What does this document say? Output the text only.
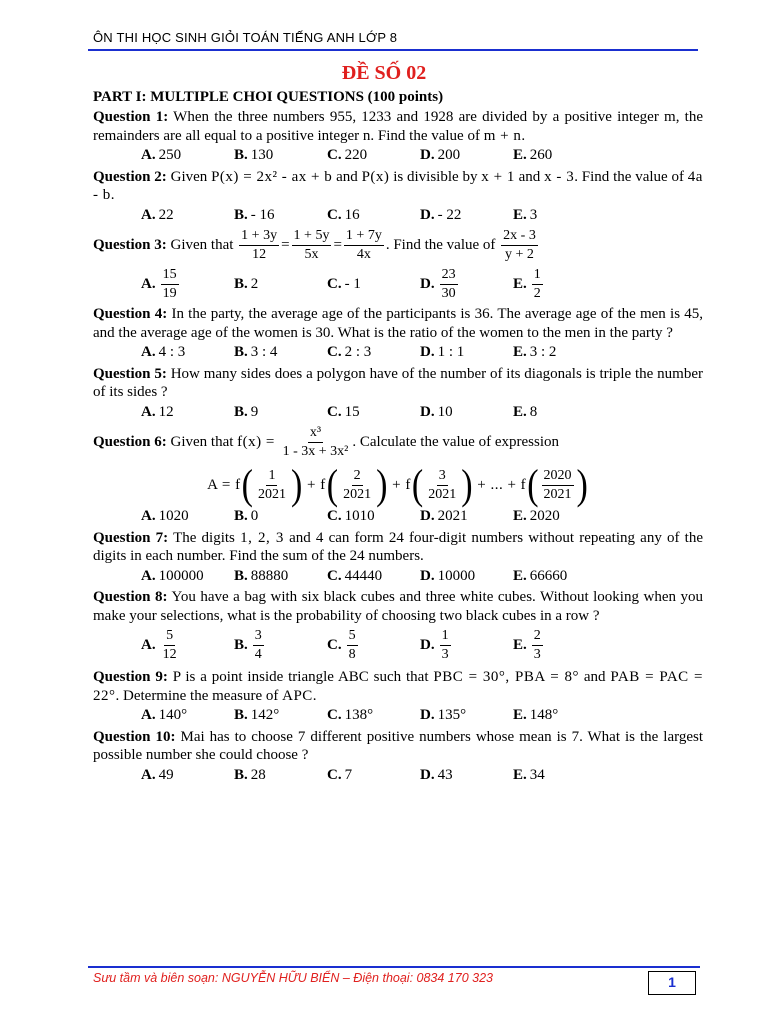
ÔN THI HỌC SINH GIỎI TOÁN TIẾNG ANH LỚP 8
ĐỀ SỐ 02
PART I: MULTIPLE CHOI QUESTIONS (100 points)
Question 1: When the three numbers 955, 1233 and 1928 are divided by a positive integer m, the remainders are all equal to a positive integer n. Find the value of m + n.
A. 250	B. 130	C. 220	D. 200	E. 260
Question 2: Given P(x) = 2x² - ax + b and P(x) is divisible by x + 1 and x - 3. Find the value of 4a - b.
A. 22	B. - 16	C. 16	D. - 22	E. 3
Question 3: Given that $\frac{1 + 3y}{12} = \frac{1 + 5y}{5x} = \frac{1 + 7y}{4x}$ . Find the value of $\frac{2x - 3}{y + 2}$
A. $\frac{15}{19}$	B. 2	C. - 1	D. $\frac{23}{30}$	E. $\frac{1}{2}$
Question 4: In the party, the average age of the participants is 36. The average age of the men is 45, and the average age of the women is 30. What is the ratio of the women to the men in the party ?
A. 4 : 3	B. 3 : 4	C. 2 : 3	D. 1 : 1	E. 3 : 2
Question 5: How many sides does a polygon have of the number of its diagonals is triple the number of its sides ?
A. 12	B. 9	C. 15	D. 10	E. 8
Question 6: Given that $f(x) = \frac{\text{x³}}{\text{1 - 3x + 3x²}}$ . Calculate the value of expression
$A = f( \frac{1}{2021}$ ) + $f( \frac{2}{2021}$ ) + $f( \frac{3}{2021}$ ) + ... + $f( \frac{2020}{2021}$ )
A. 1020	B. 0	C. 1010	D. 2021	E. 2020
Question 7: The digits 1, 2, 3 and 4 can form 24 four-digit numbers without repeating any of the digits in each number. Find the sum of the 24 numbers.
A. 100000	B. 88880	C. 44440	D. 10000	E. 66660
Question 8: You have a bag with six black cubes and three white cubes. Without looking when you make your selections, what is the probability of choosing two black cubes in a row ?
A. $\frac{5}{12}$	B. $\frac{3}{4}$	C. $\frac{5}{8}$	D. $\frac{1}{3}$	E. $\frac{2}{3}$
Question 9: P is a point inside triangle ABC such that PBC = 30°, PBA = 8° and PAB = PAC = 22°. Determine the measure of APC.
A. 140°	B. 142°	C. 138°	D. 135°	E. 148°
Question 10: Mai has to choose 7 different positive numbers whose mean is 7. What is the largest possible number she could choose ?
A. 49	B. 28	C. 7	D. 43	E. 34
Sưu tầm và biên soạn: NGUYỄN HỮU BIỂN – Điện thoại: 0834 170 323	1
